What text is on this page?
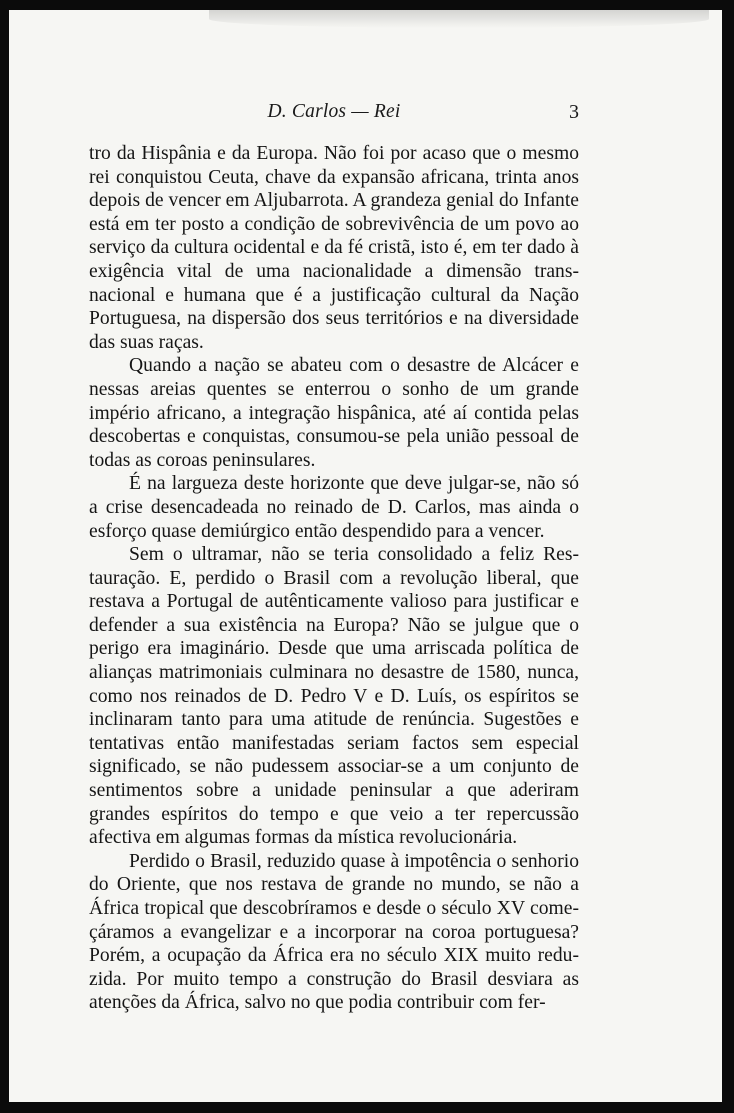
D. Carlos — Rei	3

tro da Hispânia e da Europa. Não foi por acaso que o mesmo rei conquistou Ceuta, chave da expansão africana, trinta anos depois de vencer em Aljubarrota. A grandeza genial do Infante está em ter posto a condição de sobrevivência de um povo ao serviço da cultura ocidental e da fé cristã, isto é, em ter dado à exigência vital de uma nacionalidade a dimensão trans-nacional e humana que é a justificação cultural da Nação Portuguesa, na dispersão dos seus territórios e na diversidade das suas raças.

Quando a nação se abateu com o desastre de Alcácer e nessas areias quentes se enterrou o sonho de um grande império africano, a integração hispânica, até aí contida pelas descobertas e conquistas, consumou-se pela união pessoal de todas as coroas peninsulares.

É na largueza deste horizonte que deve julgar-se, não só a crise desencadeada no reinado de D. Carlos, mas ainda o esforço quase demiúrgico então despendido para a vencer.

Sem o ultramar, não se teria consolidado a feliz Restauração. E, perdido o Brasil com a revolução liberal, que restava a Portugal de autênticamente valioso para justificar e defender a sua existência na Europa? Não se julgue que o perigo era imaginário. Desde que uma arriscada política de alianças matrimoniais culminara no desastre de 1580, nunca, como nos reinados de D. Pedro V e D. Luís, os espíritos se inclinaram tanto para uma atitude de renúncia. Sugestões e tentativas então manifestadas seriam factos sem especial significado, se não pudessem associar-se a um conjunto de sentimentos sobre a unidade peninsular a que aderiram grandes espíritos do tempo e que veio a ter repercussão afectiva em algumas formas da mística revolucionária.

Perdido o Brasil, reduzido quase à impotência o senhorio do Oriente, que nos restava de grande no mundo, se não a África tropical que descobríramos e desde o século XV começáramos a evangelizar e a incorporar na coroa portuguesa? Porém, a ocupação da África era no século XIX muito reduzida. Por muito tempo a construção do Brasil desviara as atenções da África, salvo no que podia contribuir com fer-
